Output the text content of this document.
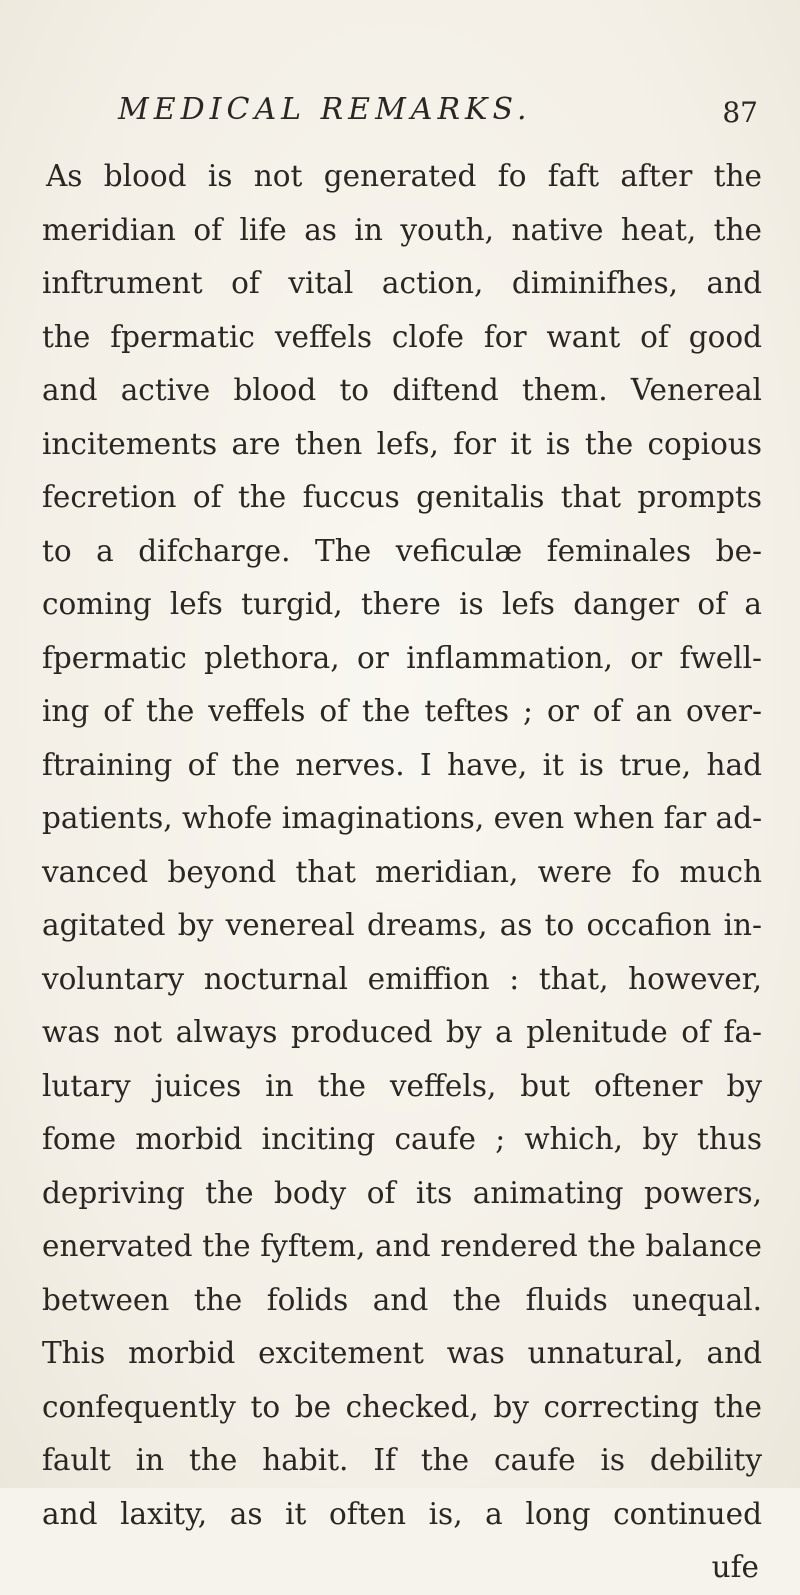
MEDICAL REMARKS.	87
As blood is not generated fo faft after the
meridian of life as in youth, native heat, the
inftrument of vital action, diminifhes, and
the fpermatic veffels clofe for want of good
and active blood to diftend them. Venereal
incitements are then lefs, for it is the copious
fecretion of the fuccus genitalis that prompts
to a difcharge. The veficulæ feminales be-
coming lefs turgid, there is lefs danger of a
fpermatic plethora, or inflammation, or fwell-
ing of the veffels of the teftes ; or of an over-
ftraining of the nerves. I have, it is true, had
patients, whofe imaginations, even when far ad-
vanced beyond that meridian, were fo much
agitated by venereal dreams, as to occafion in-
voluntary nocturnal emiffion : that, however,
was not always produced by a plenitude of fa-
lutary juices in the veffels, but oftener by
fome morbid inciting caufe ; which, by thus
depriving the body of its animating powers,
enervated the fyftem, and rendered the balance
between the folids and the fluids unequal.
This morbid excitement was unnatural, and
confequently to be checked, by correcting the
fault in the habit. If the caufe is debility
and laxity, as it often is, a long continued
ufe
